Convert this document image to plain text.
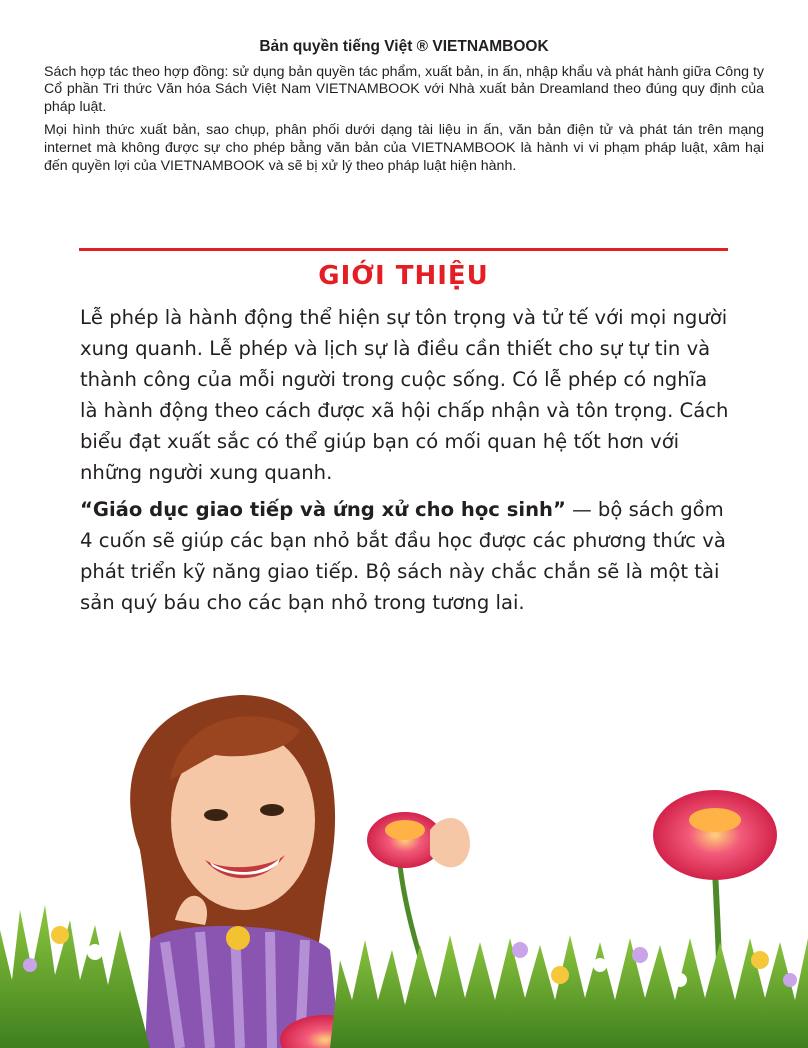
Bản quyền tiếng Việt ® VIETNAMBOOK

Sách hợp tác theo hợp đồng: sử dụng bản quyền tác phẩm, xuất bản, in ấn, nhập khẩu và phát hành giữa Công ty Cổ phần Tri thức Văn hóa Sách Việt Nam VIETNAMBOOK với Nhà xuất bản Dreamland theo đúng quy định của pháp luật.

Mọi hình thức xuất bản, sao chụp, phân phối dưới dạng tài liệu in ấn, văn bản điện tử và phát tán trên mạng internet mà không được sự cho phép bằng văn bản của VIETNAMBOOK là hành vi vi phạm pháp luật, xâm hại đến quyền lợi của VIETNAMBOOK và sẽ bị xử lý theo pháp luật hiện hành.

GIỚI THIỆU

Lễ phép là hành động thể hiện sự tôn trọng và tử tế với mọi người xung quanh. Lễ phép và lịch sự là điều cần thiết cho sự tự tin và thành công của mỗi người trong cuộc sống. Có lễ phép có nghĩa là hành động theo cách được xã hội chấp nhận và tôn trọng. Cách biểu đạt xuất sắc có thể giúp bạn có mối quan hệ tốt hơn với những người xung quanh.

“Giáo dục giao tiếp và ứng xử cho học sinh” — bộ sách gồm 4 cuốn sẽ giúp các bạn nhỏ bắt đầu học được các phương thức và phát triển kỹ năng giao tiếp. Bộ sách này chắc chắn sẽ là một tài sản quý báu cho các bạn nhỏ trong tương lai.
